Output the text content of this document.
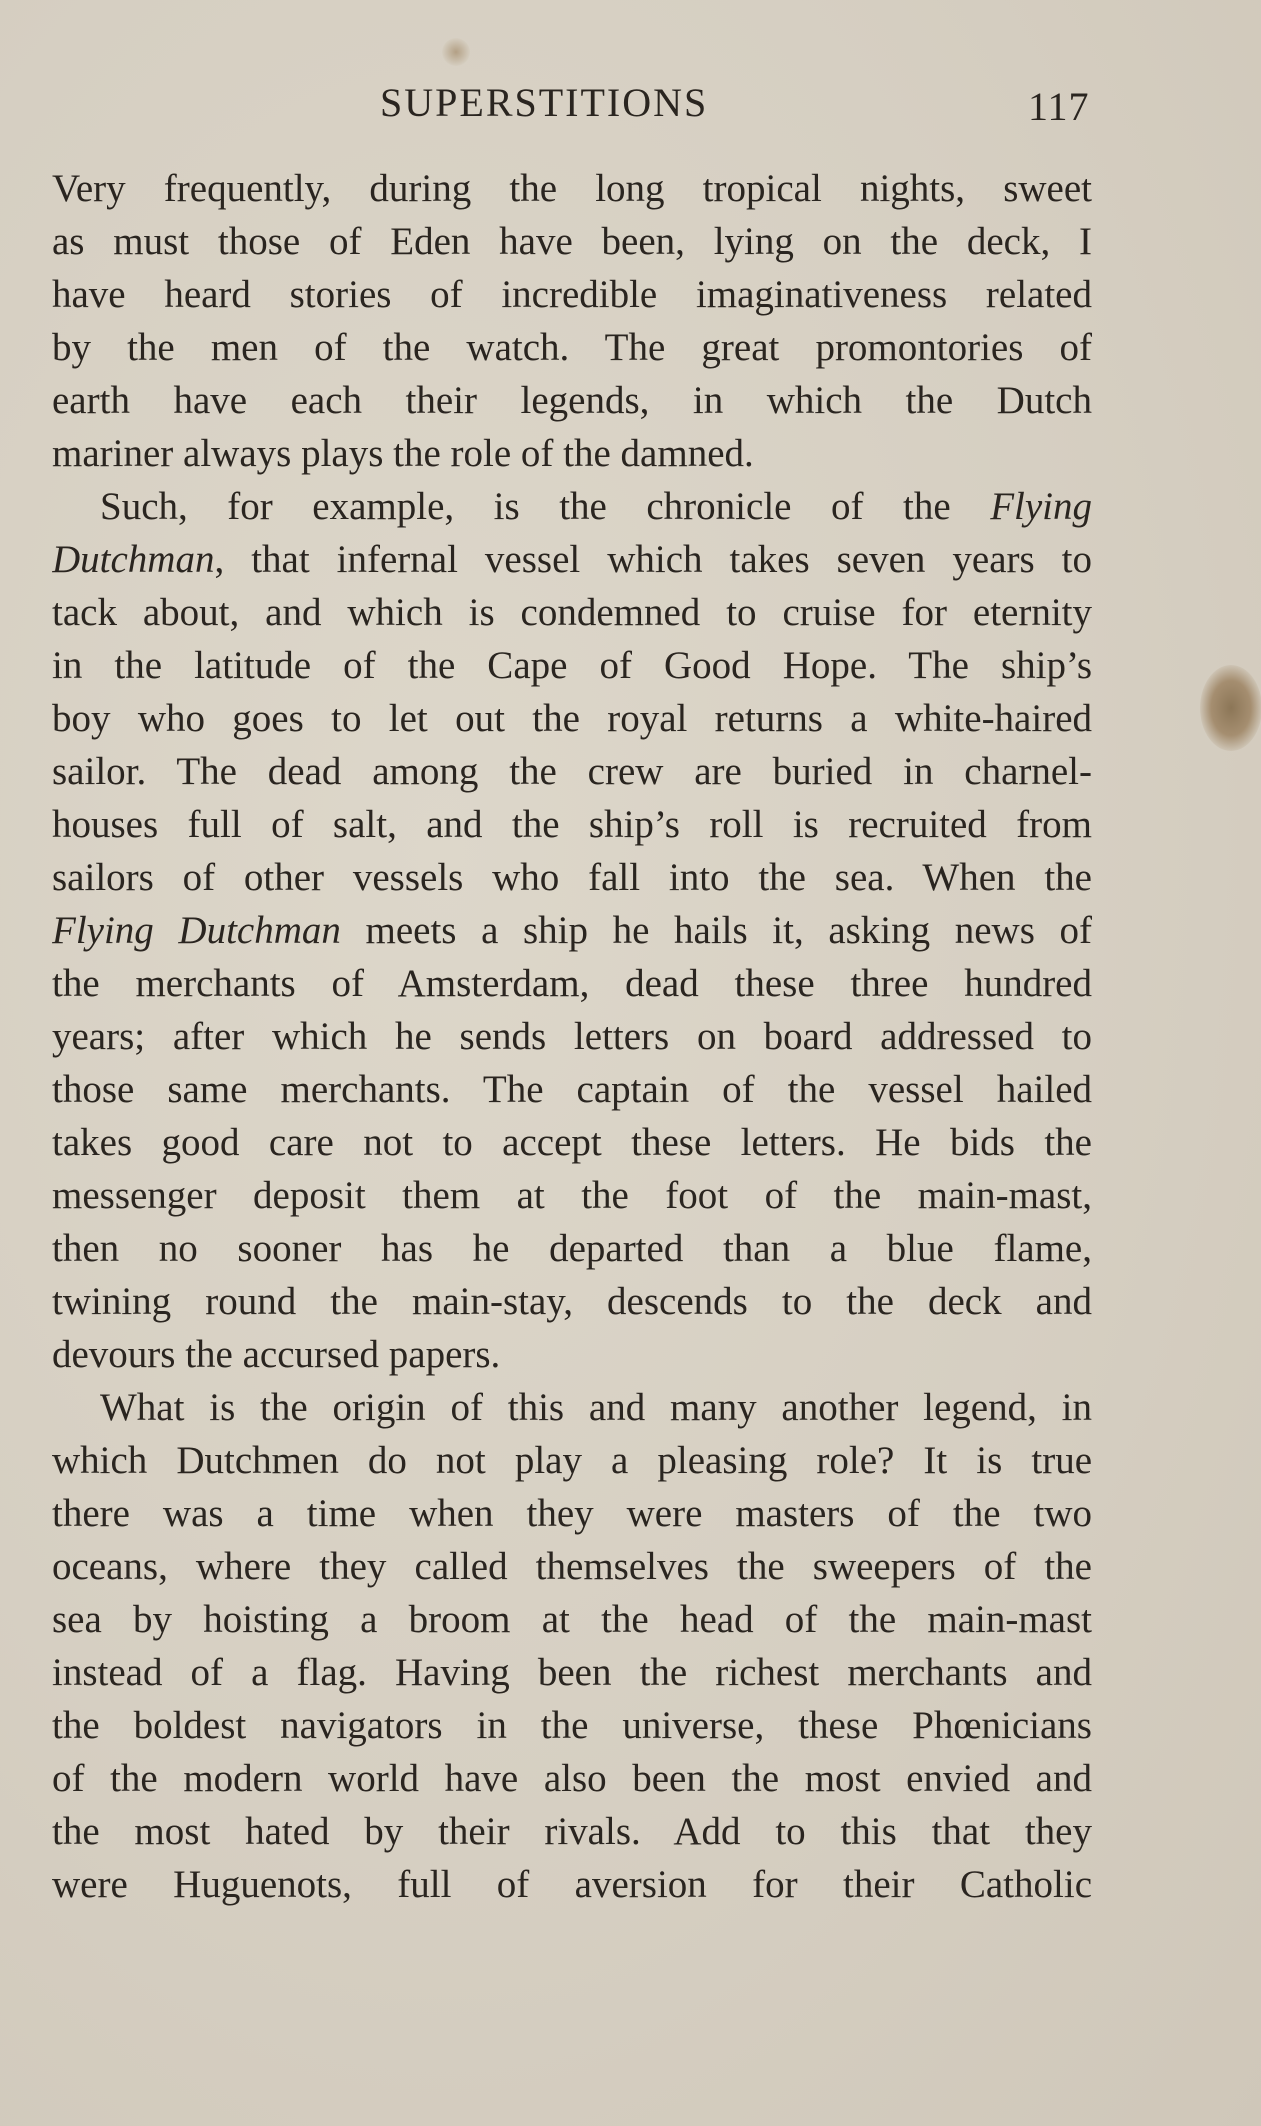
SUPERSTITIONS	117
Very frequently, during the long tropical nights, sweet
as must those of Eden have been, lying on the deck, I
have heard stories of incredible imaginativeness related
by the men of the watch. The great promontories of
earth have each their legends, in which the Dutch
mariner always plays the role of the damned.
Such, for example, is the chronicle of the Flying
Dutchman, that infernal vessel which takes seven years to
tack about, and which is condemned to cruise for eternity
in the latitude of the Cape of Good Hope. The ship’s
boy who goes to let out the royal returns a white-haired
sailor. The dead among the crew are buried in charnel-
houses full of salt, and the ship’s roll is recruited from
sailors of other vessels who fall into the sea. When the
Flying Dutchman meets a ship he hails it, asking news of
the merchants of Amsterdam, dead these three hundred
years; after which he sends letters on board addressed to
those same merchants. The captain of the vessel hailed
takes good care not to accept these letters. He bids the
messenger deposit them at the foot of the main-mast,
then no sooner has he departed than a blue flame,
twining round the main-stay, descends to the deck and
devours the accursed papers.
What is the origin of this and many another legend, in
which Dutchmen do not play a pleasing role? It is true
there was a time when they were masters of the two
oceans, where they called themselves the sweepers of the
sea by hoisting a broom at the head of the main-mast
instead of a flag. Having been the richest merchants and
the boldest navigators in the universe, these Phœnicians
of the modern world have also been the most envied and
the most hated by their rivals. Add to this that they
were Huguenots, full of aversion for their Catholic
